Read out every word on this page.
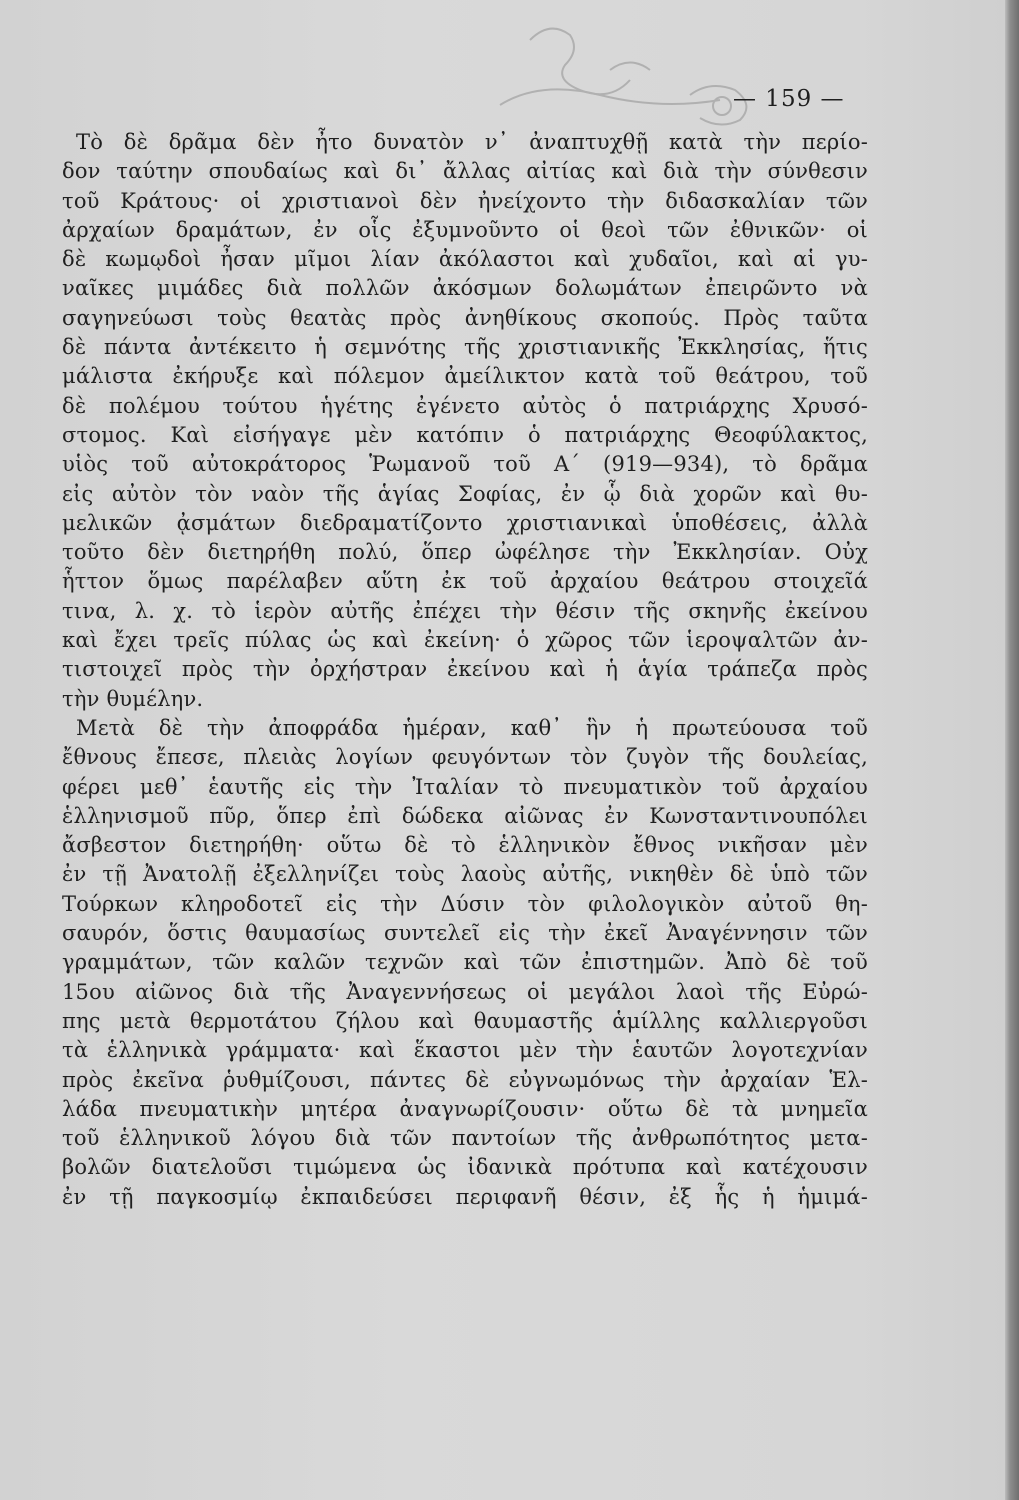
— 159 —
Τὸ δὲ δρᾶμα δὲν ἦτο δυνατὸν ν᾿ ἀναπτυχθῇ κατὰ τὴν περίο-
δον ταύτην σπουδαίως καὶ δι᾿ ἄλλας αἰτίας καὶ διὰ τὴν σύνθεσιν
τοῦ Κράτους· οἱ χριστιανοὶ δὲν ἠνείχοντο τὴν διδασκαλίαν τῶν
ἀρχαίων δραμάτων, ἐν οἷς ἐξυμνοῦντο οἱ θεοὶ τῶν ἐθνικῶν· οἱ
δὲ κωμῳδοὶ ἦσαν μῖμοι λίαν ἀκόλαστοι καὶ χυδαῖοι, καὶ αἱ γυ-
ναῖκες μιμάδες διὰ πολλῶν ἀκόσμων δολωμάτων ἐπειρῶντο νὰ
σαγηνεύωσι τοὺς θεατὰς πρὸς ἀνηθίκους σκοπούς. Πρὸς ταῦτα
δὲ πάντα ἀντέκειτο ἡ σεμνότης τῆς χριστιανικῆς Ἐκκλησίας, ἥτις
μάλιστα ἐκήρυξε καὶ πόλεμον ἀμείλικτον κατὰ τοῦ θεάτρου, τοῦ
δὲ πολέμου τούτου ἡγέτης ἐγένετο αὐτὸς ὁ πατριάρχης Χρυσό-
στομος. Καὶ εἰσήγαγε μὲν κατόπιν ὁ πατριάρχης Θεοφύλακτος,
υἱὸς τοῦ αὐτοκράτορος Ῥωμανοῦ τοῦ Α΄ (919—934), τὸ δρᾶμα
εἰς αὐτὸν τὸν ναὸν τῆς ἁγίας Σοφίας, ἐν ᾧ διὰ χορῶν καὶ θυ-
μελικῶν ᾀσμάτων διεδραματίζοντο χριστιανικαὶ ὑποθέσεις, ἀλλὰ
τοῦτο δὲν διετηρήθη πολύ, ὅπερ ὠφέλησε τὴν Ἐκκλησίαν. Οὐχ
ἧττον ὅμως παρέλαβεν αὕτη ἐκ τοῦ ἀρχαίου θεάτρου στοιχεῖά
τινα, λ. χ. τὸ ἱερὸν αὐτῆς ἐπέχει τὴν θέσιν τῆς σκηνῆς ἐκείνου
καὶ ἔχει τρεῖς πύλας ὡς καὶ ἐκείνη· ὁ χῶρος τῶν ἱεροψαλτῶν ἀν-
τιστοιχεῖ πρὸς τὴν ὀρχήστραν ἐκείνου καὶ ἡ ἁγία τράπεζα πρὸς
τὴν θυμέλην.
Μετὰ δὲ τὴν ἀποφράδα ἡμέραν, καθ᾿ ἣν ἡ πρωτεύουσα τοῦ
ἔθνους ἔπεσε, πλειὰς λογίων φευγόντων τὸν ζυγὸν τῆς δουλείας,
φέρει μεθ᾿ ἑαυτῆς εἰς τὴν Ἰταλίαν τὸ πνευματικὸν τοῦ ἀρχαίου
ἑλληνισμοῦ πῦρ, ὅπερ ἐπὶ δώδεκα αἰῶνας ἐν Κωνσταντινουπόλει
ἄσβεστον διετηρήθη· οὕτω δὲ τὸ ἑλληνικὸν ἔθνος νικῆσαν μὲν
ἐν τῇ Ἀνατολῇ ἐξελληνίζει τοὺς λαοὺς αὐτῆς, νικηθὲν δὲ ὑπὸ τῶν
Τούρκων κληροδοτεῖ εἰς τὴν Δύσιν τὸν φιλολογικὸν αὐτοῦ θη-
σαυρόν, ὅστις θαυμασίως συντελεῖ εἰς τὴν ἐκεῖ Ἀναγέννησιν τῶν
γραμμάτων, τῶν καλῶν τεχνῶν καὶ τῶν ἐπιστημῶν. Ἀπὸ δὲ τοῦ
15ου αἰῶνος διὰ τῆς Ἀναγεννήσεως οἱ μεγάλοι λαοὶ τῆς Εὐρώ-
πης μετὰ θερμοτάτου ζήλου καὶ θαυμαστῆς ἁμίλλης καλλιεργοῦσι
τὰ ἑλληνικὰ γράμματα· καὶ ἕκαστοι μὲν τὴν ἑαυτῶν λογοτεχνίαν
πρὸς ἐκεῖνα ῥυθμίζουσι, πάντες δὲ εὐγνωμόνως τὴν ἀρχαίαν Ἑλ-
λάδα πνευματικὴν μητέρα ἀναγνωρίζουσιν· οὕτω δὲ τὰ μνημεῖα
τοῦ ἑλληνικοῦ λόγου διὰ τῶν παντοίων τῆς ἀνθρωπότητος μετα-
βολῶν διατελοῦσι τιμώμενα ὡς ἰδανικὰ πρότυπα καὶ κατέχουσιν
ἐν τῇ παγκοσμίῳ ἐκπαιδεύσει περιφανῆ θέσιν, ἐξ ἧς ἡ ἡμιμά-
